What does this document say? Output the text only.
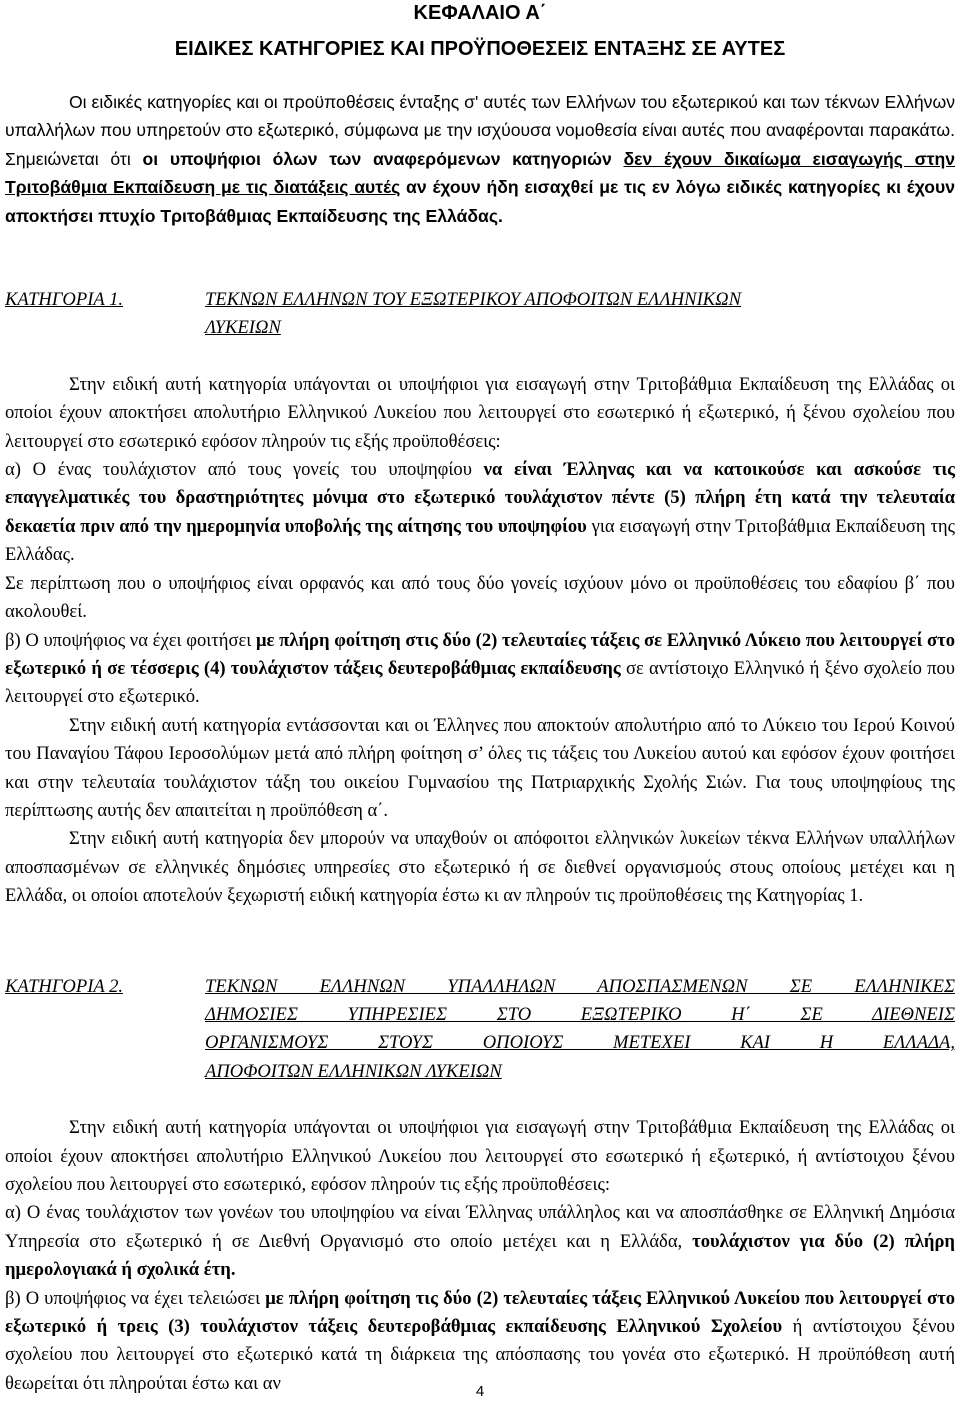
ΚΕΦΑΛΑΙΟ Α΄
ΕΙΔΙΚΕΣ ΚΑΤΗΓΟΡΙΕΣ ΚΑΙ ΠΡΟΫΠΟΘΕΣΕΙΣ ΕΝΤΑΞΗΣ ΣΕ ΑΥΤΕΣ

Οι ειδικές κατηγορίες και οι προϋποθέσεις ένταξης σ' αυτές των Ελλήνων του εξωτερικού και των τέκνων Ελλήνων υπαλλήλων που υπηρετούν στο εξωτερικό, σύμφωνα με την ισχύουσα νομοθεσία είναι αυτές που αναφέρονται παρακάτω. Σημειώνεται ότι οι υποψήφιοι όλων των αναφερόμενων κατηγοριών δεν έχουν δικαίωμα εισαγωγής στην Τριτοβάθμια Εκπαίδευση με τις διατάξεις αυτές αν έχουν ήδη εισαχθεί με τις εν λόγω ειδικές κατηγορίες κι έχουν αποκτήσει πτυχίο Τριτοβάθμιας Εκπαίδευσης της Ελλάδας.

ΚΑΤΗΓΟΡΙΑ 1.	ΤΕΚΝΩΝ ΕΛΛΗΝΩΝ ΤΟΥ ΕΞΩΤΕΡΙΚΟΥ ΑΠΟΦΟΙΤΩΝ ΕΛΛΗΝΙΚΩΝ
ΛΥΚΕΙΩΝ

Στην ειδική αυτή κατηγορία υπάγονται οι υποψήφιοι για εισαγωγή στην Τριτοβάθμια Εκπαίδευση της Ελλάδας οι οποίοι έχουν αποκτήσει απολυτήριο Ελληνικού Λυκείου που λειτουργεί στο εσωτερικό ή εξωτερικό, ή ξένου σχολείου που λειτουργεί στο εσωτερικό εφόσον πληρούν τις εξής προϋποθέσεις:

α) Ο ένας τουλάχιστον από τους γονείς του υποψηφίου να είναι Έλληνας και να κατοικούσε και ασκούσε τις επαγγελματικές του δραστηριότητες μόνιμα στο εξωτερικό τουλάχιστον πέντε (5) πλήρη έτη κατά την τελευταία δεκαετία πριν από την ημερομηνία υποβολής της αίτησης του υποψηφίου για εισαγωγή στην Τριτοβάθμια Εκπαίδευση της Ελλάδας.

Σε περίπτωση που ο υποψήφιος είναι ορφανός και από τους δύο γονείς ισχύουν μόνο οι προϋποθέσεις του εδαφίου β΄ που ακολουθεί.

β) Ο υποψήφιος να έχει φοιτήσει με πλήρη φοίτηση στις δύο (2) τελευταίες τάξεις σε Ελληνικό Λύκειο που λειτουργεί στο εξωτερικό ή σε τέσσερις (4) τουλάχιστον τάξεις δευτεροβάθμιας εκπαίδευσης σε αντίστοιχο Ελληνικό ή ξένο σχολείο που λειτουργεί στο εξωτερικό.

Στην ειδική αυτή κατηγορία εντάσσονται και οι Έλληνες που αποκτούν απολυτήριο από το Λύκειο του Ιερού Κοινού του Παναγίου Τάφου Ιεροσολύμων μετά από πλήρη φοίτηση σ’ όλες τις τάξεις του Λυκείου αυτού και εφόσον έχουν φοιτήσει και στην τελευταία τουλάχιστον τάξη του οικείου Γυμνασίου της Πατριαρχικής Σχολής Σιών. Για τους υποψηφίους της περίπτωσης αυτής δεν απαιτείται η προϋπόθεση α΄.

Στην ειδική αυτή κατηγορία δεν μπορούν να υπαχθούν οι απόφοιτοι ελληνικών λυκείων τέκνα Ελλήνων υπαλλήλων αποσπασμένων σε ελληνικές δημόσιες υπηρεσίες στο εξωτερικό ή σε διεθνεί οργανισμούς στους οποίους μετέχει και η Ελλάδα, οι οποίοι αποτελούν ξεχωριστή ειδική κατηγορία έστω κι αν πληρούν τις προϋποθέσεις της Κατηγορίας 1.

ΚΑΤΗΓΟΡΙΑ 2.	ΤΕΚΝΩΝ ΕΛΛΗΝΩΝ ΥΠΑΛΛΗΛΩΝ ΑΠΟΣΠΑΣΜΕΝΩΝ ΣΕ ΕΛΛΗΝΙΚΕΣ
ΔΗΜΟΣΙΕΣ ΥΠΗΡΕΣΙΕΣ ΣΤΟ ΕΞΩΤΕΡΙΚΟ Η΄ ΣΕ ΔΙΕΘΝΕΙΣ
ΟΡΓΑΝΙΣΜΟΥΣ ΣΤΟΥΣ ΟΠΟΙΟΥΣ ΜΕΤΕΧΕΙ ΚΑΙ Η ΕΛΛΑΔΑ,
ΑΠΟΦΟΙΤΩΝ ΕΛΛΗΝΙΚΩΝ ΛΥΚΕΙΩΝ

Στην ειδική αυτή κατηγορία υπάγονται οι υποψήφιοι για εισαγωγή στην Τριτοβάθμια Εκπαίδευση της Ελλάδας οι οποίοι έχουν αποκτήσει απολυτήριο Ελληνικού Λυκείου που λειτουργεί στο εσωτερικό ή εξωτερικό, ή αντίστοιχου ξένου σχολείου που λειτουργεί στο εσωτερικό, εφόσον πληρούν τις εξής προϋποθέσεις:

α) Ο ένας τουλάχιστον των γονέων του υποψηφίου να είναι Έλληνας υπάλληλος και να αποσπάσθηκε σε Ελληνική Δημόσια Υπηρεσία στο εξωτερικό ή σε Διεθνή Οργανισμό στο οποίο μετέχει και η Ελλάδα, τουλάχιστον για δύο (2) πλήρη ημερολογιακά ή σχολικά έτη.

β) Ο υποψήφιος να έχει τελειώσει με πλήρη φοίτηση τις δύο (2) τελευταίες τάξεις Ελληνικού Λυκείου που λειτουργεί στο εξωτερικό ή τρεις (3) τουλάχιστον τάξεις δευτεροβάθμιας εκπαίδευσης Ελληνικού Σχολείου ή αντίστοιχου ξένου σχολείου που λειτουργεί στο εξωτερικό κατά τη διάρκεια της απόσπασης του γονέα στο εξωτερικό. Η προϋπόθεση αυτή θεωρείται ότι πληρούται έστω και αν	4
